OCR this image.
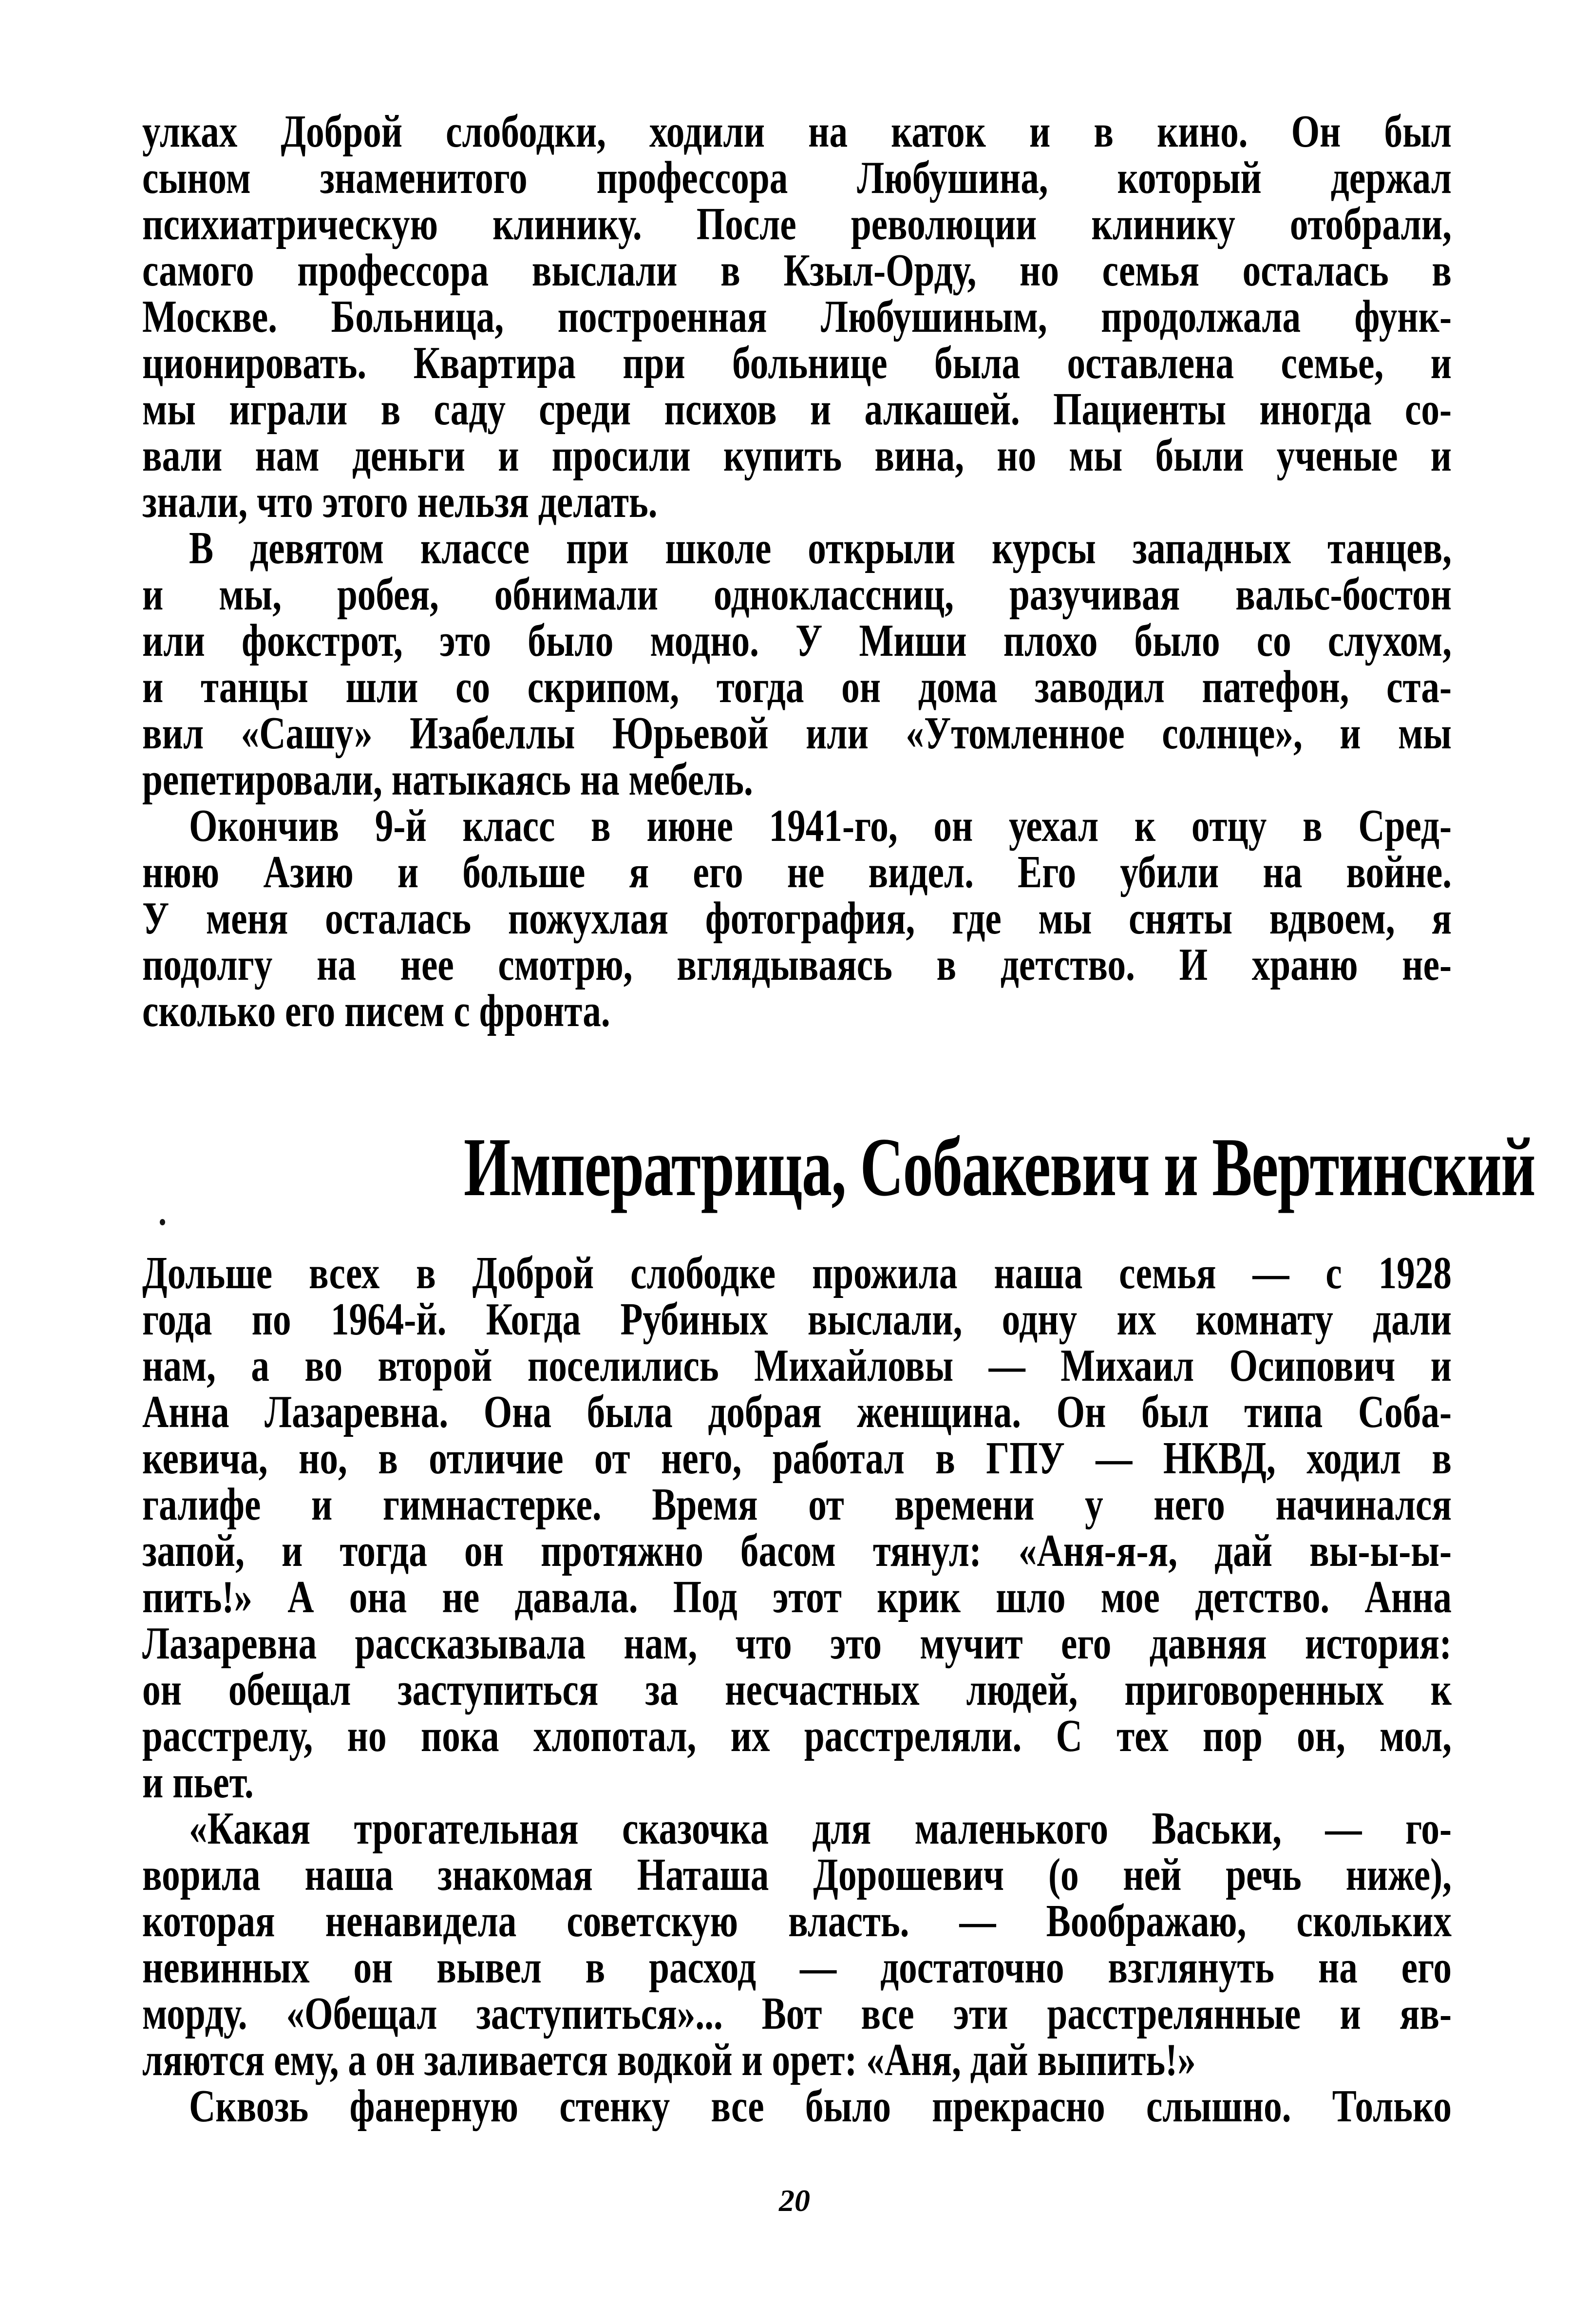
улках Доброй слободки, ходили на каток и в кино. Он был
сыном знаменитого профессора Любушина, который держал
психиатрическую клинику. После революции клинику отобрали,
самого профессора выслали в Кзыл-Орду, но семья осталась в
Москве. Больница, построенная Любушиным, продолжала функ-
ционировать. Квартира при больнице была оставлена семье, и
мы играли в саду среди психов и алкашей. Пациенты иногда со-
вали нам деньги и просили купить вина, но мы были ученые и
знали, что этого нельзя делать.
В девятом классе при школе открыли курсы западных танцев,
и мы, робея, обнимали одноклассниц, разучивая вальс-бостон
или фокстрот, это было модно. У Миши плохо было со слухом,
и танцы шли со скрипом, тогда он дома заводил патефон, ста-
вил «Сашу» Изабеллы Юрьевой или «Утомленное солнце», и мы
репетировали, натыкаясь на мебель.
Окончив 9-й класс в июне 1941-го, он уехал к отцу в Сред-
нюю Азию и больше я его не видел. Его убили на войне.
У меня осталась пожухлая фотография, где мы сняты вдвоем, я
подолгу на нее смотрю, вглядываясь в детство. И храню не-
сколько его писем с фронта.
Императрица, Собакевич и Вертинский
Дольше всех в Доброй слободке прожила наша семья — с 1928
года по 1964-й. Когда Рубиных выслали, одну их комнату дали
нам, а во второй поселились Михайловы — Михаил Осипович и
Анна Лазаревна. Она была добрая женщина. Он был типа Соба-
кевича, но, в отличие от него, работал в ГПУ — НКВД, ходил в
галифе и гимнастерке. Время от времени у него начинался
запой, и тогда он протяжно басом тянул: «Аня-я-я, дай вы-ы-ы-
пить!» А она не давала. Под этот крик шло мое детство. Анна
Лазаревна рассказывала нам, что это мучит его давняя история:
он обещал заступиться за несчастных людей, приговоренных к
расстрелу, но пока хлопотал, их расстреляли. С тех пор он, мол,
и пьет.
«Какая трогательная сказочка для маленького Васьки, — го-
ворила наша знакомая Наташа Дорошевич (о ней речь ниже),
которая ненавидела советскую власть. — Воображаю, скольких
невинных он вывел в расход — достаточно взглянуть на его
морду. «Обещал заступиться»... Вот все эти расстрелянные и яв-
ляются ему, а он заливается водкой и орет: «Аня, дай выпить!»
Сквозь фанерную стенку все было прекрасно слышно. Только
20
